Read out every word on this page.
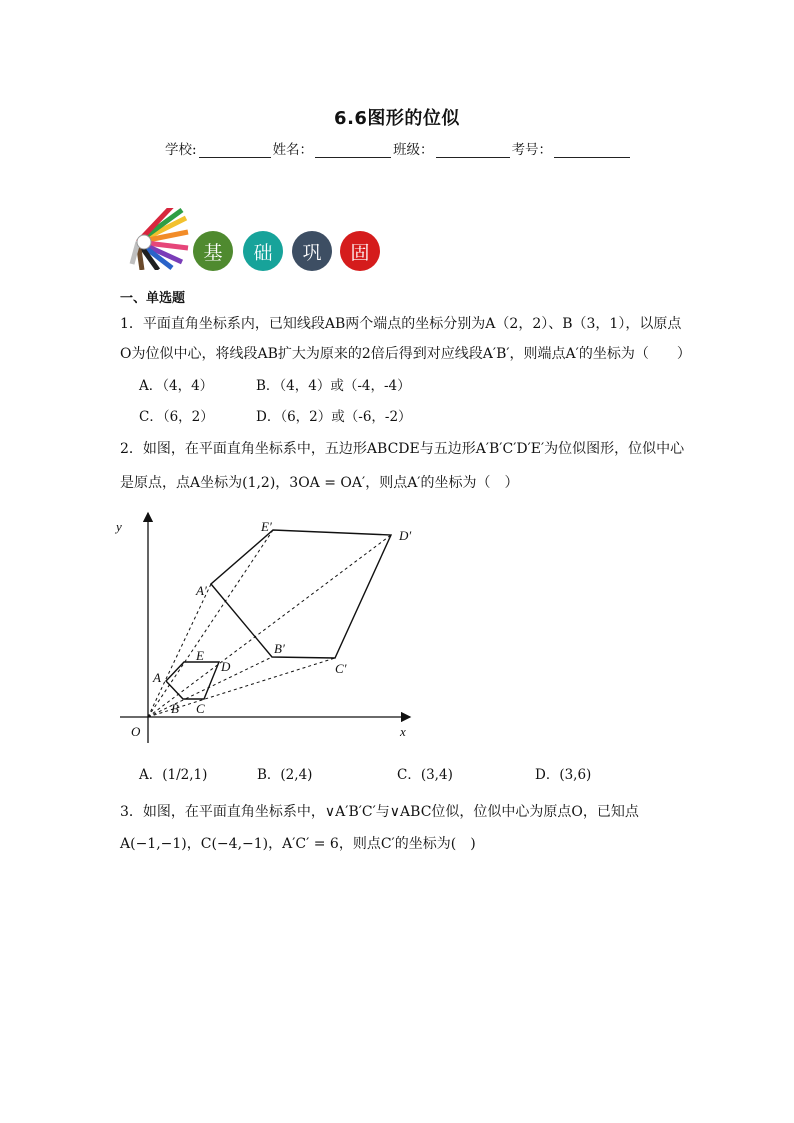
6.6图形的位似
学校:	姓名：	班级：	考号：
基 础 巩 固
一、单选题
1．平面直角坐标系内，已知线段AB两个端点的坐标分别为A（2，2）、B（3，1），以原点
O为位似中心，将线段AB扩大为原来的2倍后得到对应线段A′B′，则端点A′的坐标为（　　）
A．（4，4）	B．（4，4）或（-4，-4）
C．（6，2）	D．（6，2）或（-6，-2）
2．如图，在平面直角坐标系中，五边形ABCDE与五边形A′B′C′D′E′为位似图形，位似中心
是原点，点A坐标为(1,2)，3OA = OA′，则点A′的坐标为（　）
y
x
O
A
B C
D
E
A′
B′
C′
D′
E′
A．(1/2,1)	B．(2,4)	C．(3,4)	D．(3,6)
3．如图，在平面直角坐标系中，∨A′B′C′与∨ABC位似，位似中心为原点O，已知点
A(−1,−1)，C(−4,−1)，A′C′ = 6，则点C′的坐标为(　)
